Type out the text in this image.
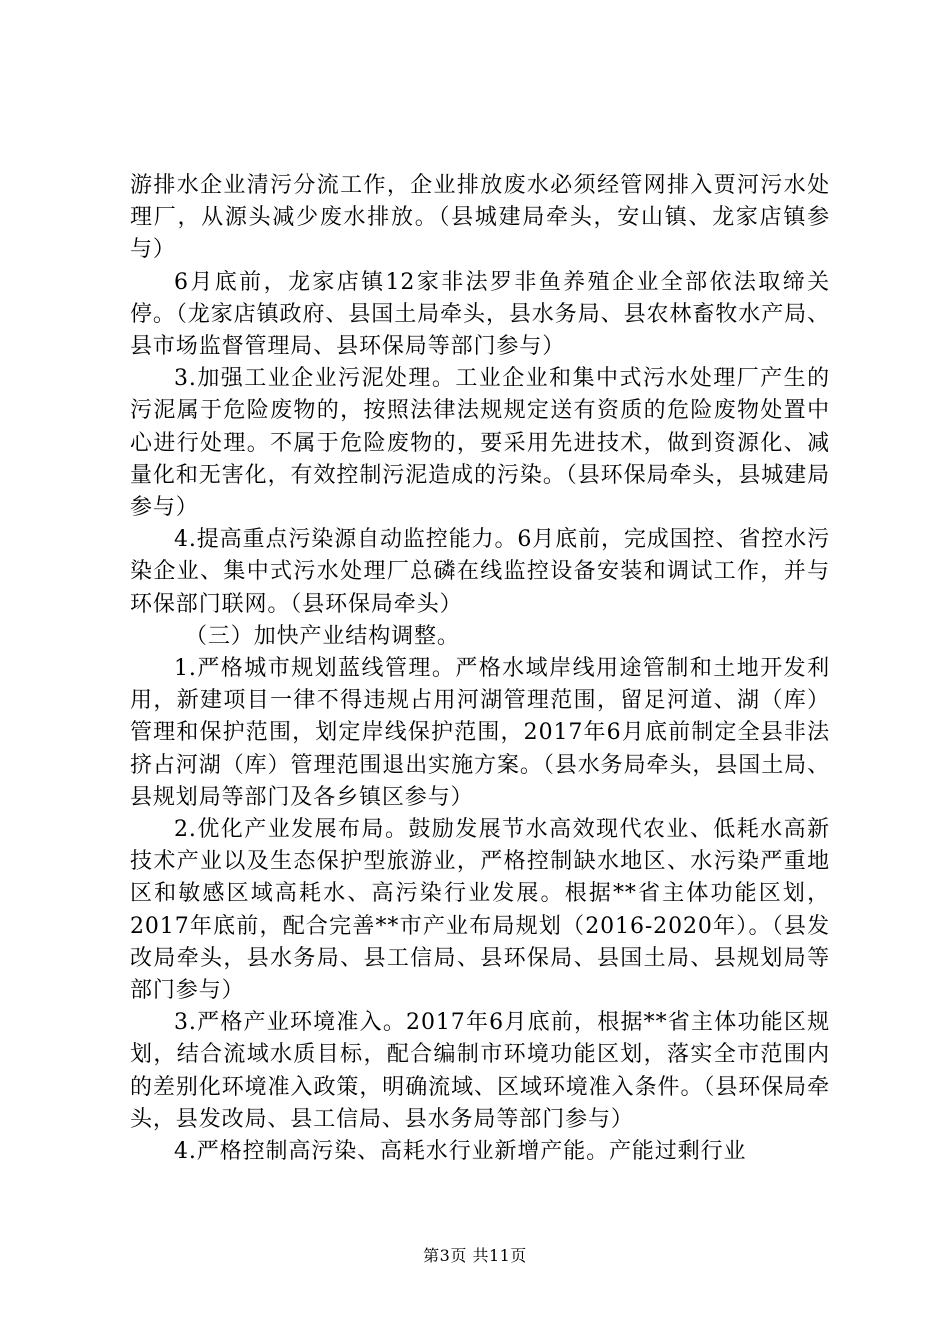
游排水企业清污分流工作，企业排放废水必须经管网排入贾河污水处理厂，从源头减少废水排放。（县城建局牵头，安山镇、龙家店镇参与）

6月底前，龙家店镇12家非法罗非鱼养殖企业全部依法取缔关停。（龙家店镇政府、县国土局牵头，县水务局、县农林畜牧水产局、县市场监督管理局、县环保局等部门参与）

3.加强工业企业污泥处理。工业企业和集中式污水处理厂产生的污泥属于危险废物的，按照法律法规规定送有资质的危险废物处置中心进行处理。不属于危险废物的，要采用先进技术，做到资源化、减量化和无害化，有效控制污泥造成的污染。（县环保局牵头，县城建局参与）

4.提高重点污染源自动监控能力。6月底前，完成国控、省控水污染企业、集中式污水处理厂总磷在线监控设备安装和调试工作，并与环保部门联网。（县环保局牵头）

（三）加快产业结构调整。

1.严格城市规划蓝线管理。严格水域岸线用途管制和土地开发利用，新建项目一律不得违规占用河湖管理范围，留足河道、湖（库）管理和保护范围，划定岸线保护范围，2017年6月底前制定全县非法挤占河湖（库）管理范围退出实施方案。（县水务局牵头，县国土局、县规划局等部门及各乡镇区参与）

2.优化产业发展布局。鼓励发展节水高效现代农业、低耗水高新技术产业以及生态保护型旅游业，严格控制缺水地区、水污染严重地区和敏感区域高耗水、高污染行业发展。根据**省主体功能区划，2017年底前，配合完善**市产业布局规划（2016-2020年）。（县发改局牵头，县水务局、县工信局、县环保局、县国土局、县规划局等部门参与）

3.严格产业环境准入。2017年6月底前，根据**省主体功能区规划，结合流域水质目标，配合编制市环境功能区划，落实全市范围内的差别化环境准入政策，明确流域、区域环境准入条件。（县环保局牵头，县发改局、县工信局、县水务局等部门参与）

4.严格控制高污染、高耗水行业新增产能。产能过剩行业

第3页 共11页
